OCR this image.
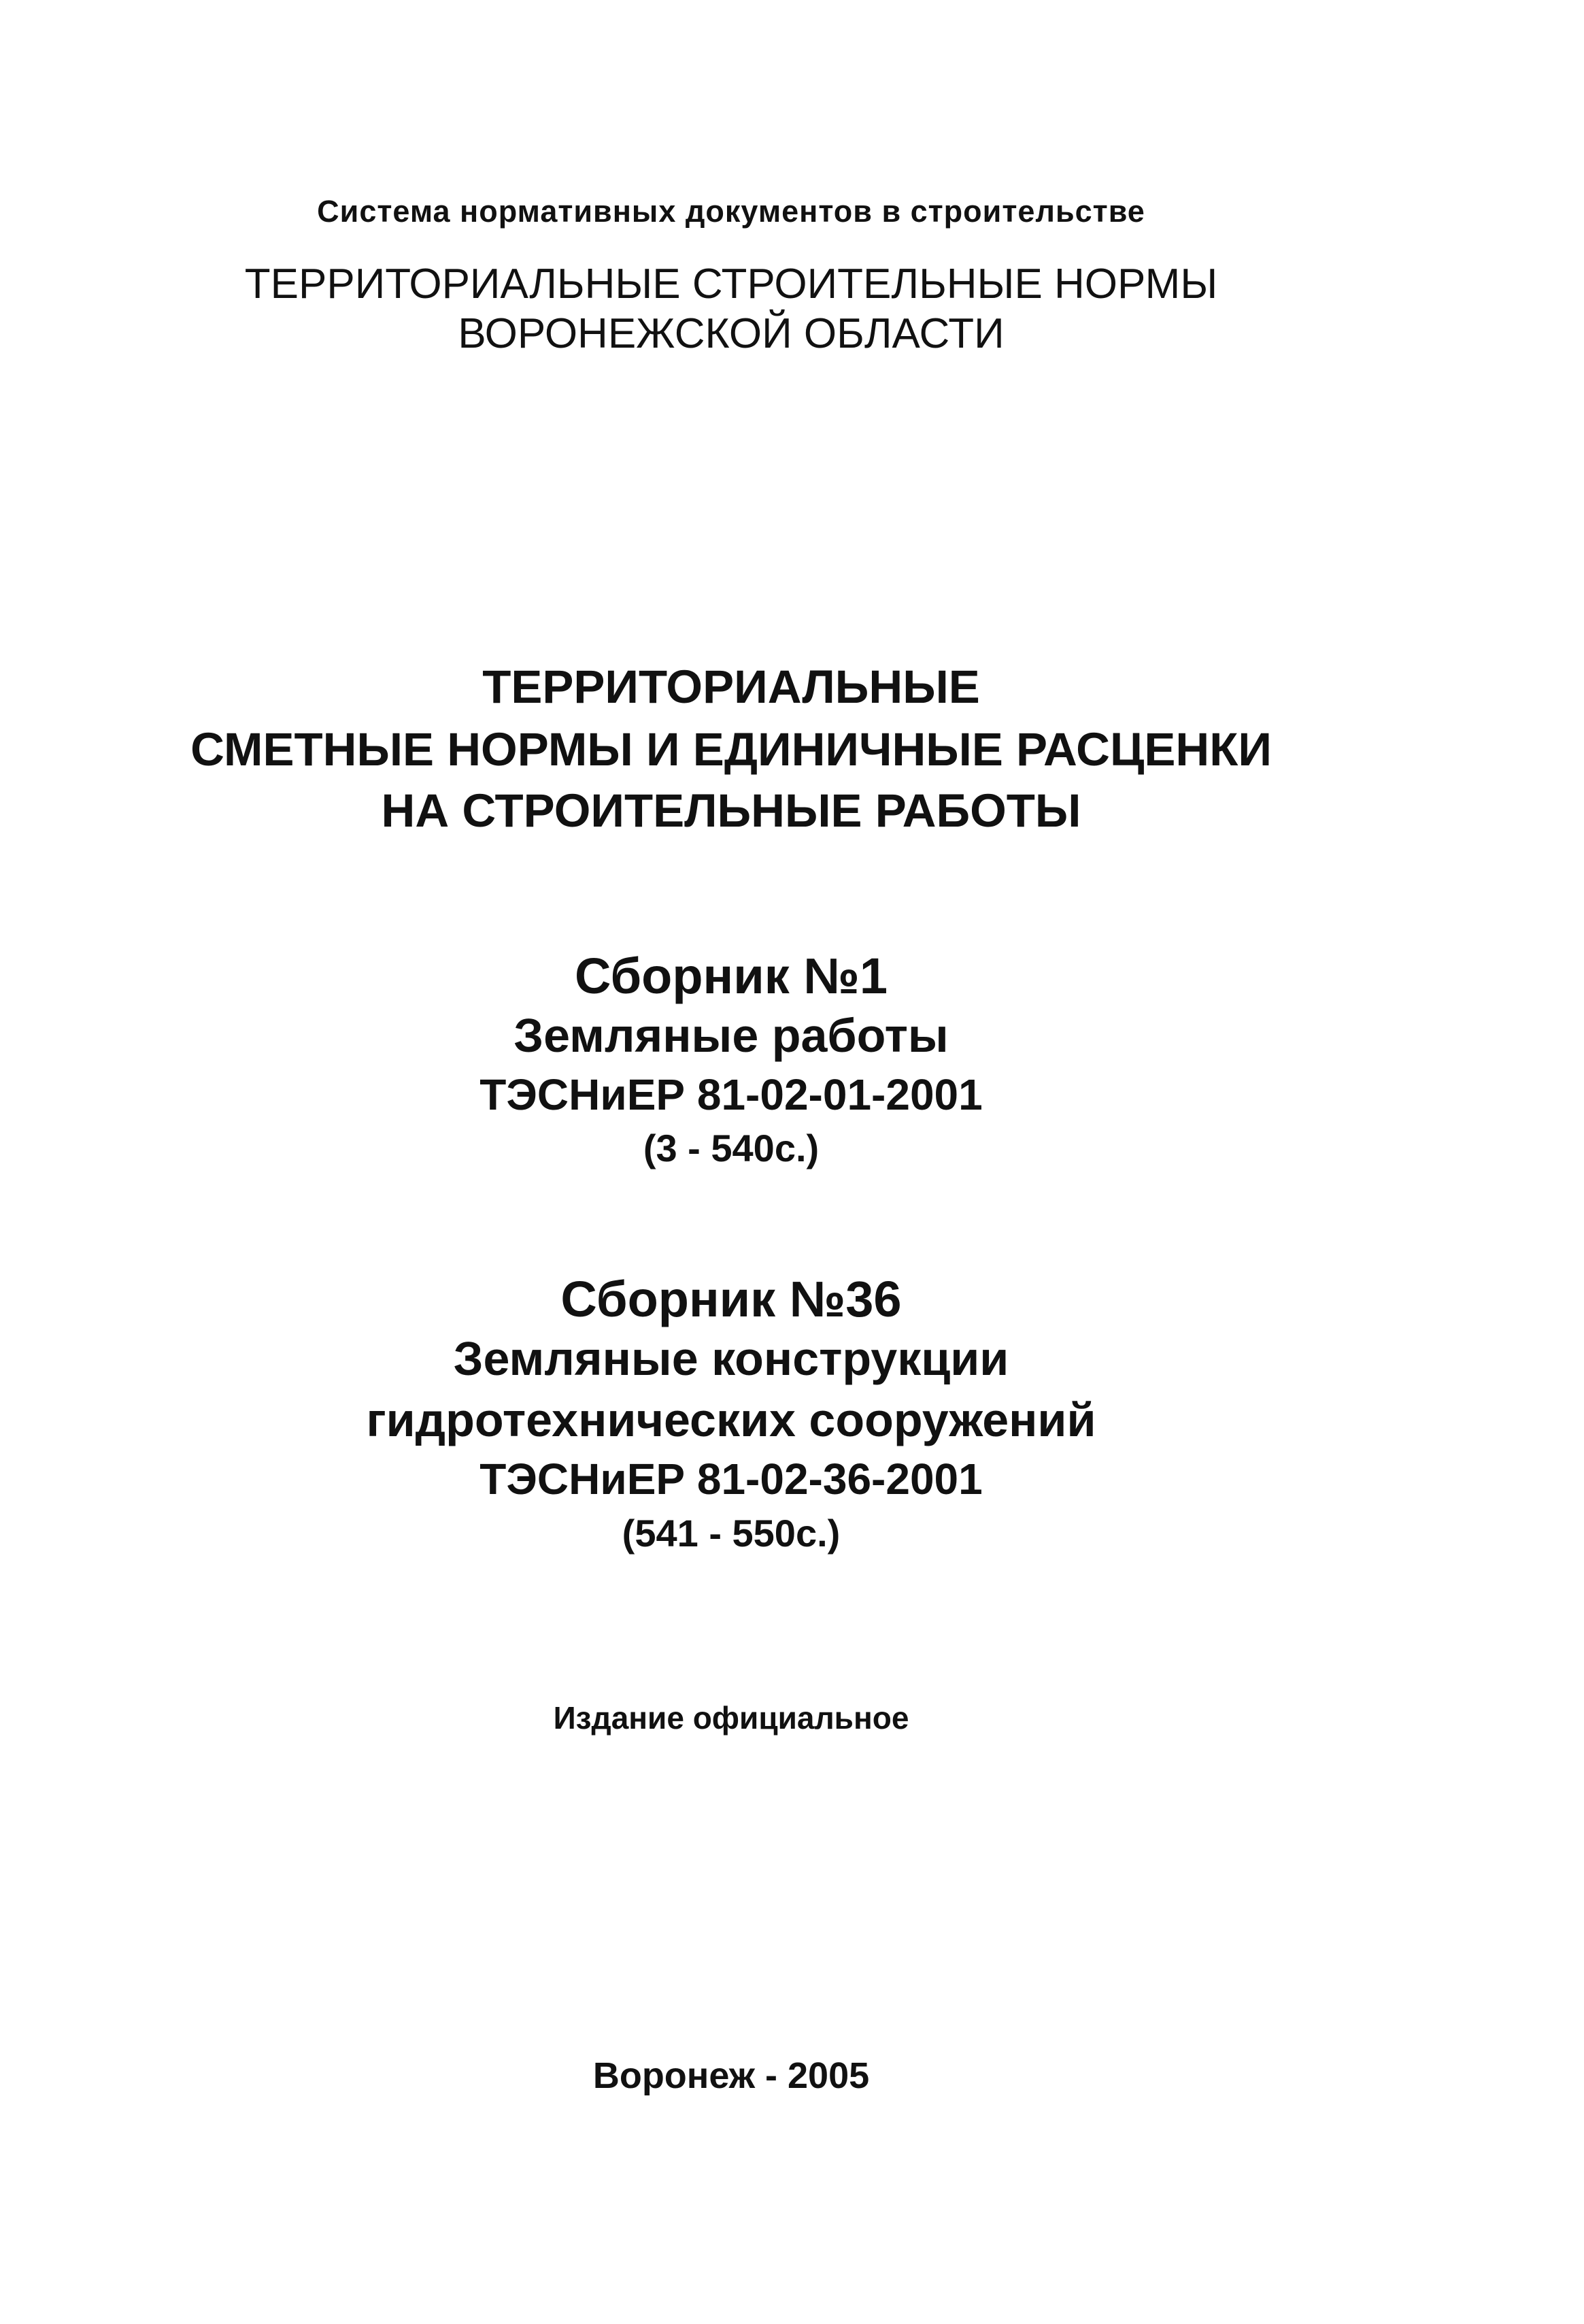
Система нормативных документов в строительстве
ТЕРРИТОРИАЛЬНЫЕ СТРОИТЕЛЬНЫЕ НОРМЫ
ВОРОНЕЖСКОЙ ОБЛАСТИ
ТЕРРИТОРИАЛЬНЫЕ
СМЕТНЫЕ НОРМЫ И ЕДИНИЧНЫЕ РАСЦЕНКИ
НА СТРОИТЕЛЬНЫЕ РАБОТЫ
Сборник №1
Земляные работы
ТЭСНиЕР 81-02-01-2001
(3 - 540с.)
Сборник №36
Земляные конструкции
гидротехнических сооружений
ТЭСНиЕР 81-02-36-2001
(541 - 550с.)
Издание официальное
Воронеж - 2005
